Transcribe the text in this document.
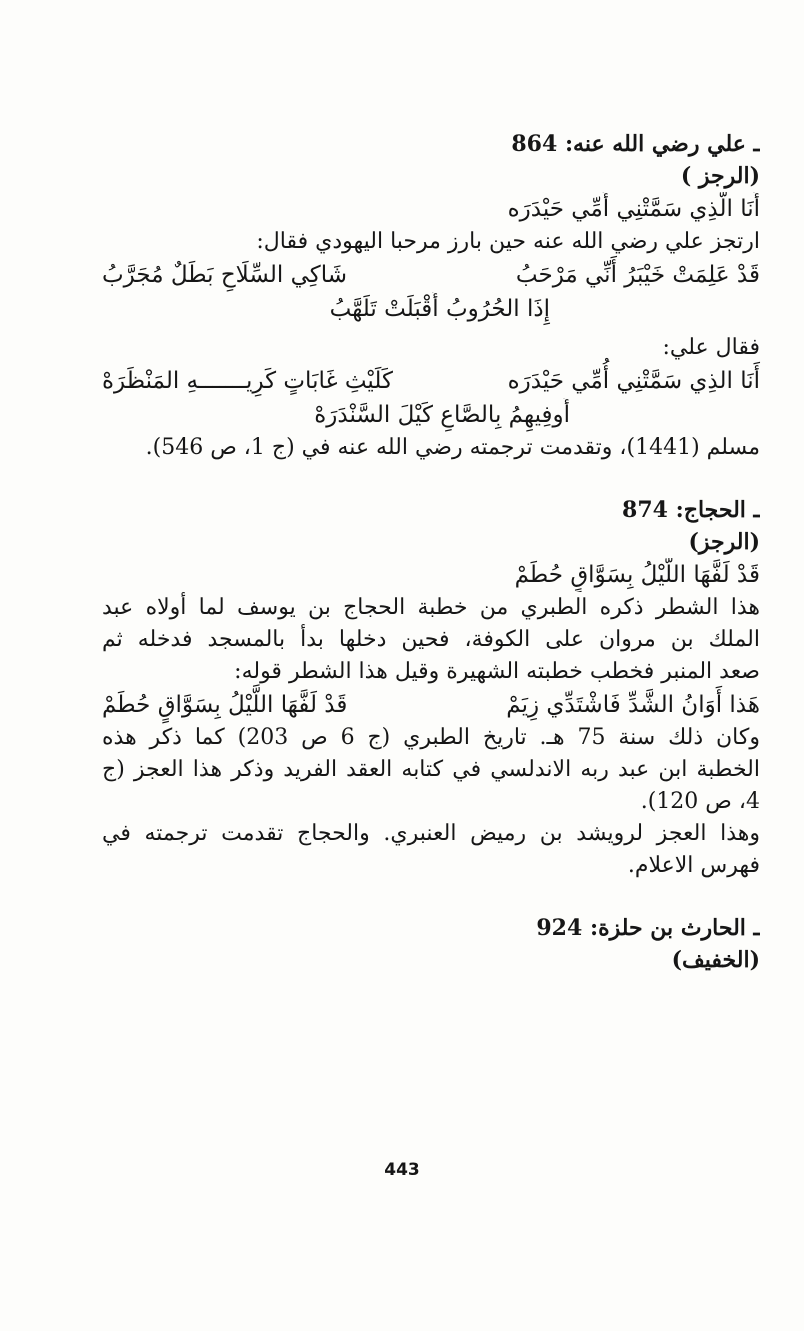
ـ علي رضي الله عنه: 864
(الرجز )
أَنَا الَّذِي سَمَّتْنِي أُمِّي حَيْدَرَه
ارتجز علي رضي الله عنه حين بارز مرحبا اليهودي فقال:
قَدْ عَلِمَتْ خَيْبَرُ أَنِّي مَرْحَبُ
شَاكِي السِّلَاحِ بَطَلٌ مُجَرَّبُ
إِذَا الحُرُوبُ أَقْبَلَتْ تَلَهَّبُ
فقال علي:
أَنَا الذِي سَمَّتْنِي أُمِّي حَيْدَرَه
كَلَيْثِ غَابَاتٍ كَرِيـــــــهِ المَنْظَرَهْ
أُوفِيهِمُ بِالصَّاعِ كَيْلَ السَّنْدَرَهْ
مسلم (1441)، وتقدمت ترجمته رضي الله عنه في (ج 1، ص 546).
ـ الحجاج: 874
(الرجز)
قَدْ لَفَّهَا اللَّيْلُ بِسَوَّاقٍ حُطَمْ
هذا الشطر ذكره الطبري من خطبة الحجاج بن يوسف لما أولاه عبد
الملك بن مروان على الكوفة، فحين دخلها بدأ بالمسجد فدخله ثم
صعد المنبر فخطب خطبته الشهيرة وقيل هذا الشطر قوله:
هَذا أَوَانُ الشَّدِّ فَاشْتَدِّي زِيَمْ
قَدْ لَفَّهَا اللَّيْلُ بِسَوَّاقٍ حُطَمْ
وكان ذلك سنة 75 هـ. تاريخ الطبري (ج 6 ص 203) كما ذكر هذه
الخطبة ابن عبد ربه الاندلسي في كتابه العقد الفريد وذكر هذا العجز (ج
4، ص 120).
وهذا العجز لرويشد بن رميض العنبري. والحجاج تقدمت ترجمته في
فهرس الاعلام.
ـ الحارث بن حلزة: 924
(الخفيف)
443
